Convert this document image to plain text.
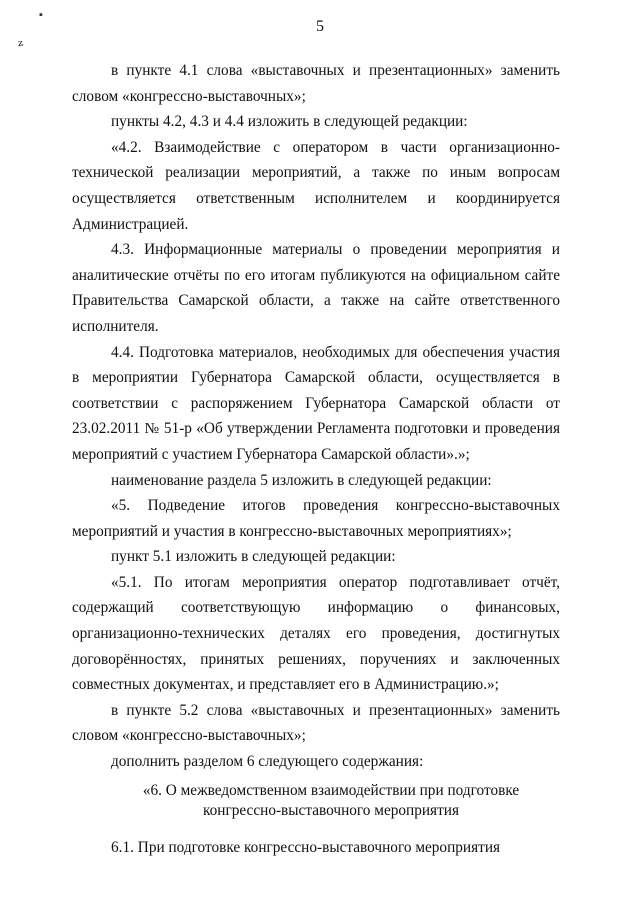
▪
ʑ
5

в пункте 4.1 слова «выставочных и презентационных» заменить словом «конгрессно-выставочных»;

пункты 4.2, 4.3 и 4.4 изложить в следующей редакции:

«4.2. Взаимодействие с оператором в части организационно-технической реализации мероприятий, а также по иным вопросам осуществляется ответственным исполнителем и координируется Администрацией.

4.3. Информационные материалы о проведении мероприятия и аналитические отчёты по его итогам публикуются на официальном сайте Правительства Самарской области, а также на сайте ответственного исполнителя.

4.4. Подготовка материалов, необходимых для обеспечения участия в мероприятии Губернатора Самарской области, осуществляется в соответствии с распоряжением Губернатора Самарской области от 23.02.2011 № 51-р «Об утверждении Регламента подготовки и проведения мероприятий с участием Губернатора Самарской области».»;

наименование раздела 5 изложить в следующей редакции:

«5. Подведение итогов проведения конгрессно-выставочных мероприятий и участия в конгрессно-выставочных мероприятиях»;

пункт 5.1 изложить в следующей редакции:

«5.1. По итогам мероприятия оператор подготавливает отчёт, содержащий соответствующую информацию о финансовых, организационно-технических деталях его проведения, достигнутых договорённостях, принятых решениях, поручениях и заключенных совместных документах, и представляет его в Администрацию.»;

в пункте 5.2 слова «выставочных и презентационных» заменить словом «конгрессно-выставочных»;

дополнить разделом 6 следующего содержания:

«6. О межведомственном взаимодействии при подготовке
конгрессно-выставочного мероприятия

6.1. При подготовке конгрессно-выставочного мероприятия
